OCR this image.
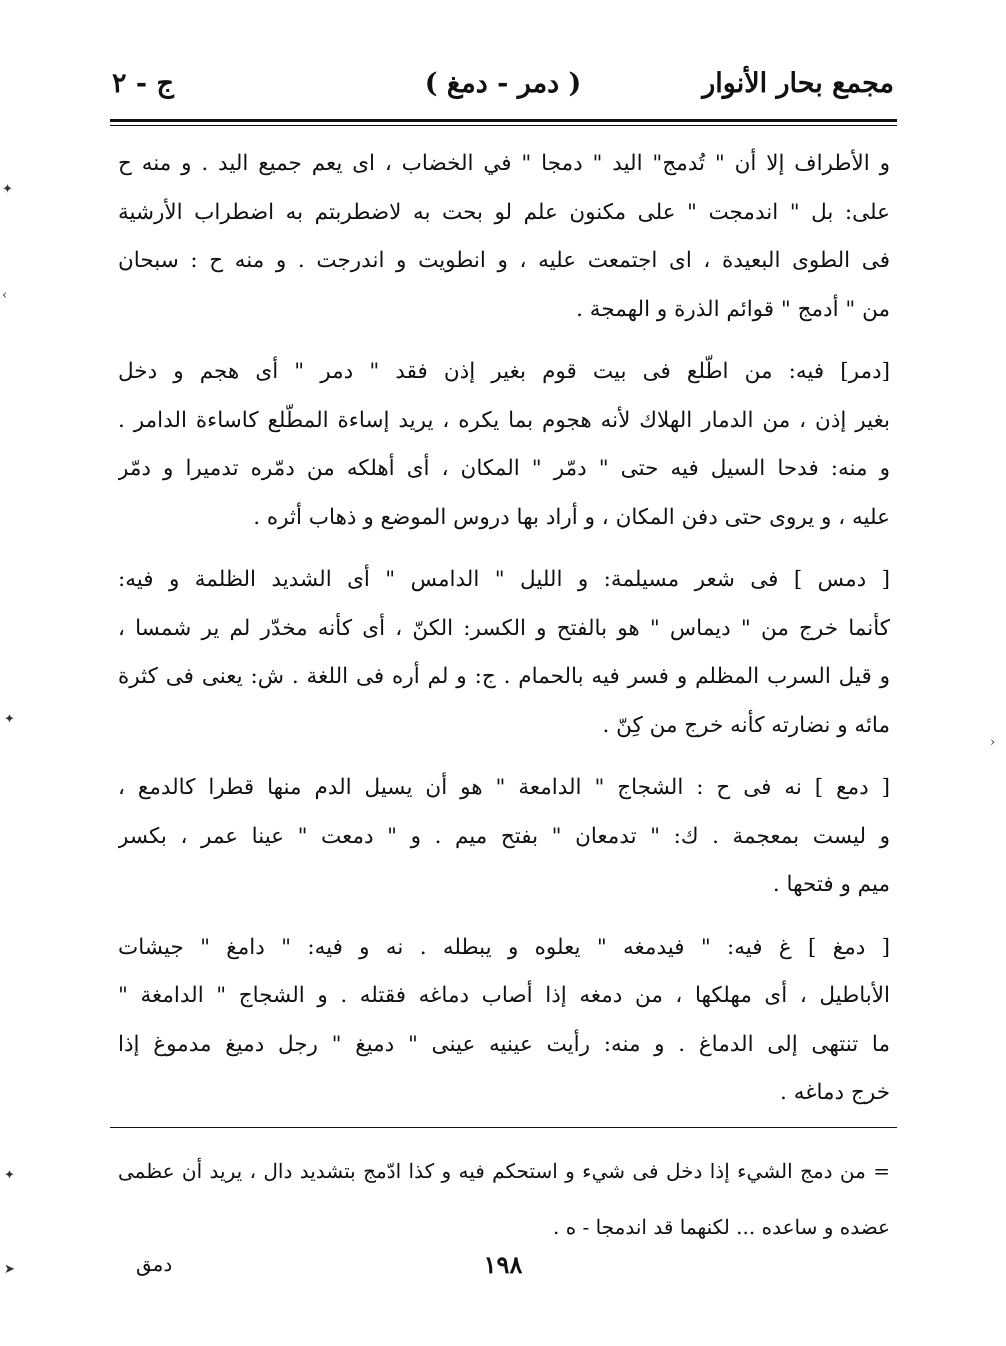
مجمع بحار الأنوار
( دمر - دمغ )
ج - ٢

و الأطراف إلا أن " تُدمج" اليد " دمجا " في الخضاب ، اى يعم جميع اليد . و منه ح

على: بل " اندمجت " على مكنون علم لو بحت به لاضطربتم به اضطراب الأرشية

فى الطوى البعيدة ، اى اجتمعت عليه ، و انطويت و اندرجت . و منه ح : سبحان

من " أدمج " قوائم الذرة و الهمجة .

[دمر] فيه: من اطّلع فى بيت قوم بغير إذن فقد " دمر " أى هجم و دخل

بغير إذن ، من الدمار الهلاك لأنه هجوم بما يكره ، يريد إساءة المطّلع كاساءة الدامر .

و منه: فدحا السيل فيه حتى " دمّر " المكان ، أى أهلكه من دمّره تدميرا و دمّر

عليه ، و يروى حتى دفن المكان ، و أراد بها دروس الموضع و ذهاب أثره .

[ دمس ] فى شعر مسيلمة: و الليل " الدامس " أى الشديد الظلمة و فيه:

كأنما خرج من " ديماس " هو بالفتح و الكسر: الكنّ ، أى كأنه مخدّر لم ير شمسا ،

و قيل السرب المظلم و فسر فيه بالحمام . ج: و لم أره فى اللغة . ش: يعنى فى كثرة

مائه و نضارته كأنه خرج من كِنّ .

[ دمع ] نه فى ح : الشجاج " الدامعة " هو أن يسيل الدم منها قطرا كالدمع ،

و ليست بمعجمة . ك: " تدمعان " بفتح ميم . و " دمعت " عينا عمر ، بكسر

ميم و فتحها .

[ دمغ ] غ فيه: " فيدمغه " يعلوه و يبطله . نه و فيه: " دامغ " جيشات

الأباطيل ، أى مهلكها ، من دمغه إذا أصاب دماغه فقتله . و الشجاج " الدامغة "

ما تنتهى إلى الدماغ . و منه: رأيت عينيه عينى " دميغ " رجل دميغ مدموغ إذا

خرج دماغه .

= من دمج الشيء إذا دخل فى شيء و استحكم فيه و كذا ادّمج بتشديد دال ، يريد أن عظمى

عضده و ساعده ... لكنهما قد اندمجا - ه .

١٩٨
دمق
✦
‹
✦
›
✦
➤
